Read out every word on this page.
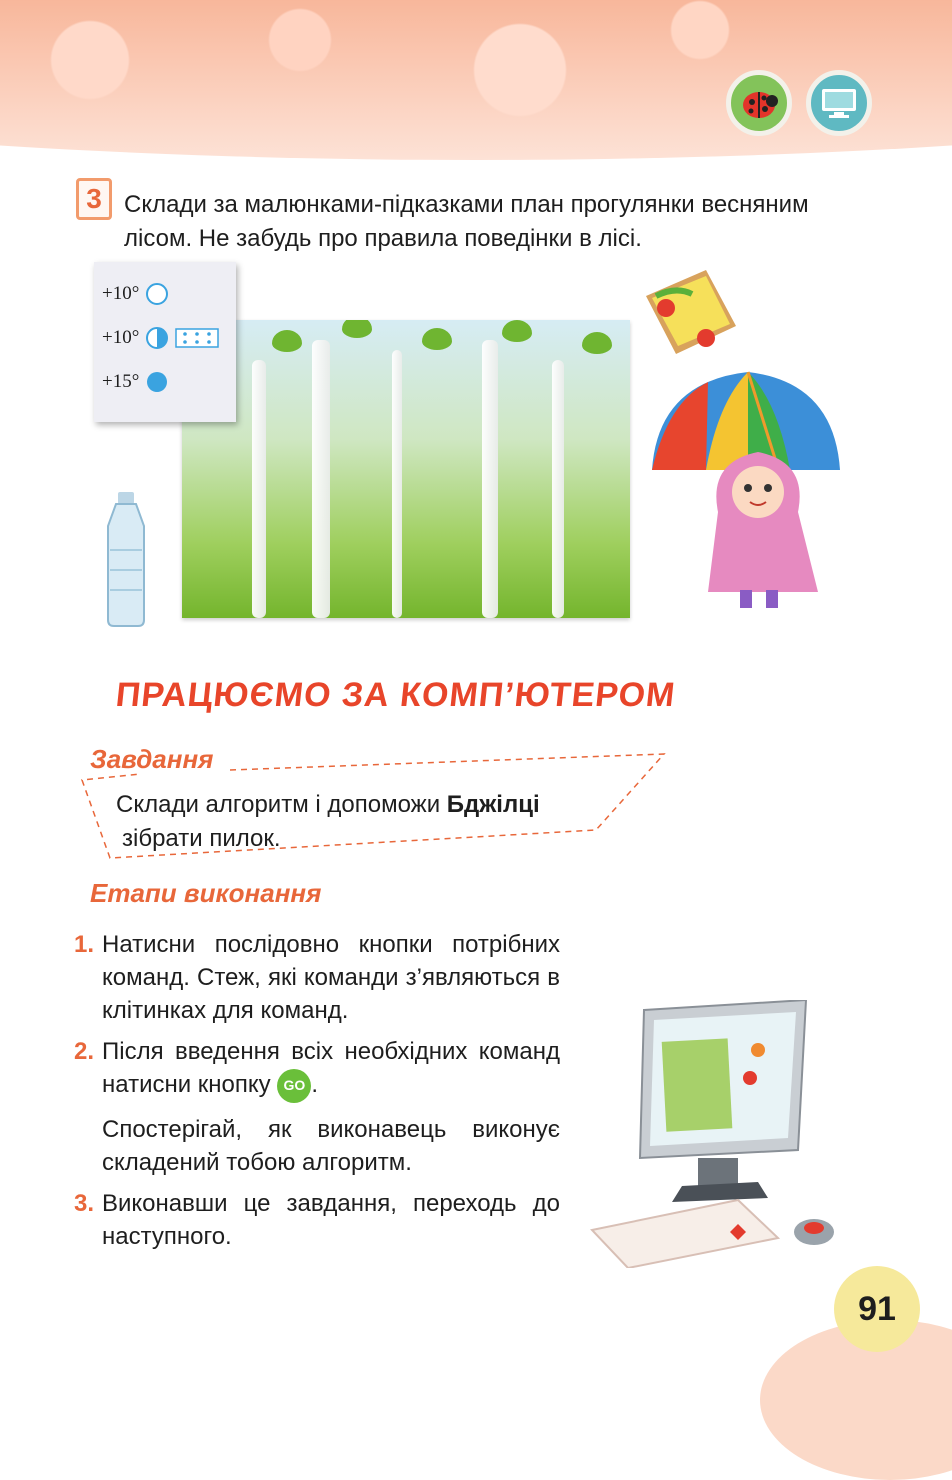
3 Склади за малюнками-підказками план прогулянки весняним
лісом. Не забудь про правила поведінки в лісі.
+10°
+10°
+15°
ПРАЦЮЄМО ЗА КОМП’ЮТЕРОМ
Завдання
Склади алгоритм і допоможи Бджілці
зібрати пилок.
Етапи виконання
1. Натисни послідовно кнопки потрібних команд. Стеж, які команди з’являються в клітинках для команд.
2. Після введення всіх необхідних команд натисни кнопку GO .
Спостерігай, як виконавець виконує складений тобою алгоритм.
3. Виконавши це завдання, переходь до наступного.
91
